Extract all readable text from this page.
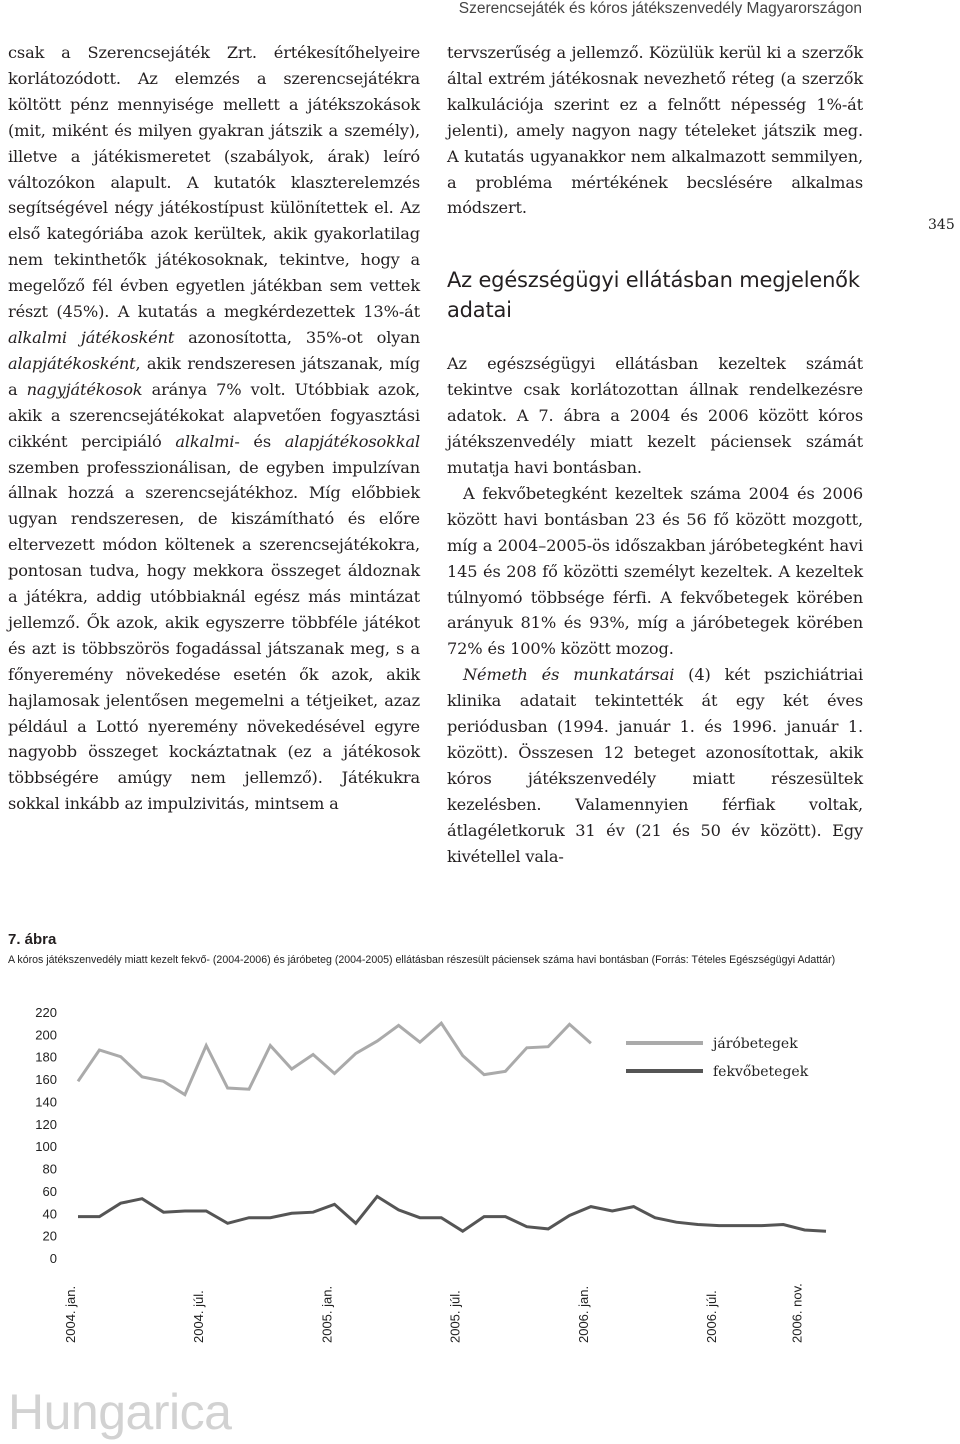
Szerencsejáték és kóros játékszenvedély Magyarországon
345

csak a Szerencsejáték Zrt. értékesítőhelyeire korlátozódott. Az elemzés a szerencsejátékra költött pénz mennyisége mellett a játékszokások (mit, miként és milyen gyakran játszik a személy), illetve a játékismeretet (szabályok, árak) leíró változókon alapult. A kutatók klaszterelemzés segítségével négy játékostípust különítettek el. Az első kategóriába azok kerültek, akik gyakorlatilag nem tekinthetők játékosoknak, tekintve, hogy a megelőző fél évben egyetlen játékban sem vettek részt (45%). A kutatás a megkérdezettek 13%-át alkalmi játékosként azonosította, 35%-ot olyan alapjátékosként, akik rendszeresen játszanak, míg a nagyjátékosok aránya 7% volt. Utóbbiak azok, akik a szerencsejátékokat alapvetően fogyasztási cikként percipiáló alkalmi- és alapjátékosokkal szemben professzionálisan, de egyben impulzívan állnak hozzá a szerencsejátékhoz. Míg előbbiek ugyan rendszeresen, de kiszámítható és előre eltervezett módon költenek a szerencsejátékokra, pontosan tudva, hogy mekkora összeget áldoznak a játékra, addig utóbbiaknál egész más mintázat jellemző. Ők azok, akik egyszerre többféle játékot és azt is többszörös fogadással játszanak meg, s a főnyeremény növekedése esetén ők azok, akik hajlamosak jelentősen megemelni a tétjeiket, azaz például a Lottó nyeremény növekedésével egyre nagyobb összeget kockáztatnak (ez a játékosok többségére amúgy nem jellemző). Játékukra sokkal inkább az impulzivitás, mintsem a

tervszerűség a jellemző. Közülük kerül ki a szerzők által extrém játékosnak nevezhető réteg (a szerzők kalkulációja szerint ez a felnőtt népesség 1%-át jelenti), amely nagyon nagy tételeket játszik meg. A kutatás ugyanakkor nem alkalmazott semmilyen, a probléma mértékének becslésére alkalmas módszert.

Az egészségügyi ellátásban megjelenők adatai

Az egészségügyi ellátásban kezeltek számát tekintve csak korlátozottan állnak rendelkezésre adatok. A 7. ábra a 2004 és 2006 között kóros játékszenvedély miatt kezelt páciensek számát mutatja havi bontásban.

A fekvőbetegként kezeltek száma 2004 és 2006 között havi bontásban 23 és 56 fő között mozgott, míg a 2004–2005-ös időszakban járóbetegként havi 145 és 208 fő közötti személyt kezeltek. A kezeltek túlnyomó többsége férfi. A fekvőbetegek körében arányuk 81% és 93%, míg a járóbetegek körében 72% és 100% között mozog.

Németh és munkatársai (4) két pszichiátriai klinika adatait tekintették át egy két éves periódusban (1994. január 1. és 1996. január 1. között). Összesen 12 beteget azonosítottak, akik kóros játékszenvedély miatt részesültek kezelésben. Valamennyien férfiak voltak, átlagéletkoruk 31 év (21 és 50 év között). Egy kivétellel vala-

7. ábra
A kóros játékszenvedély miatt kezelt fekvő- (2004-2006) és járóbeteg (2004-2005) ellátásban részesült páciensek száma havi bontásban (Forrás: Tételes Egészségügyi Adattár)
0
20
40
60
80
100
120
140
160
180
200
220
2004. jan.	2004. júl.	2005. jan.	2005. júl.	2006. jan.	2006. júl.	2006. nov.
járóbetegek
fekvőbetegek
Hungarica
